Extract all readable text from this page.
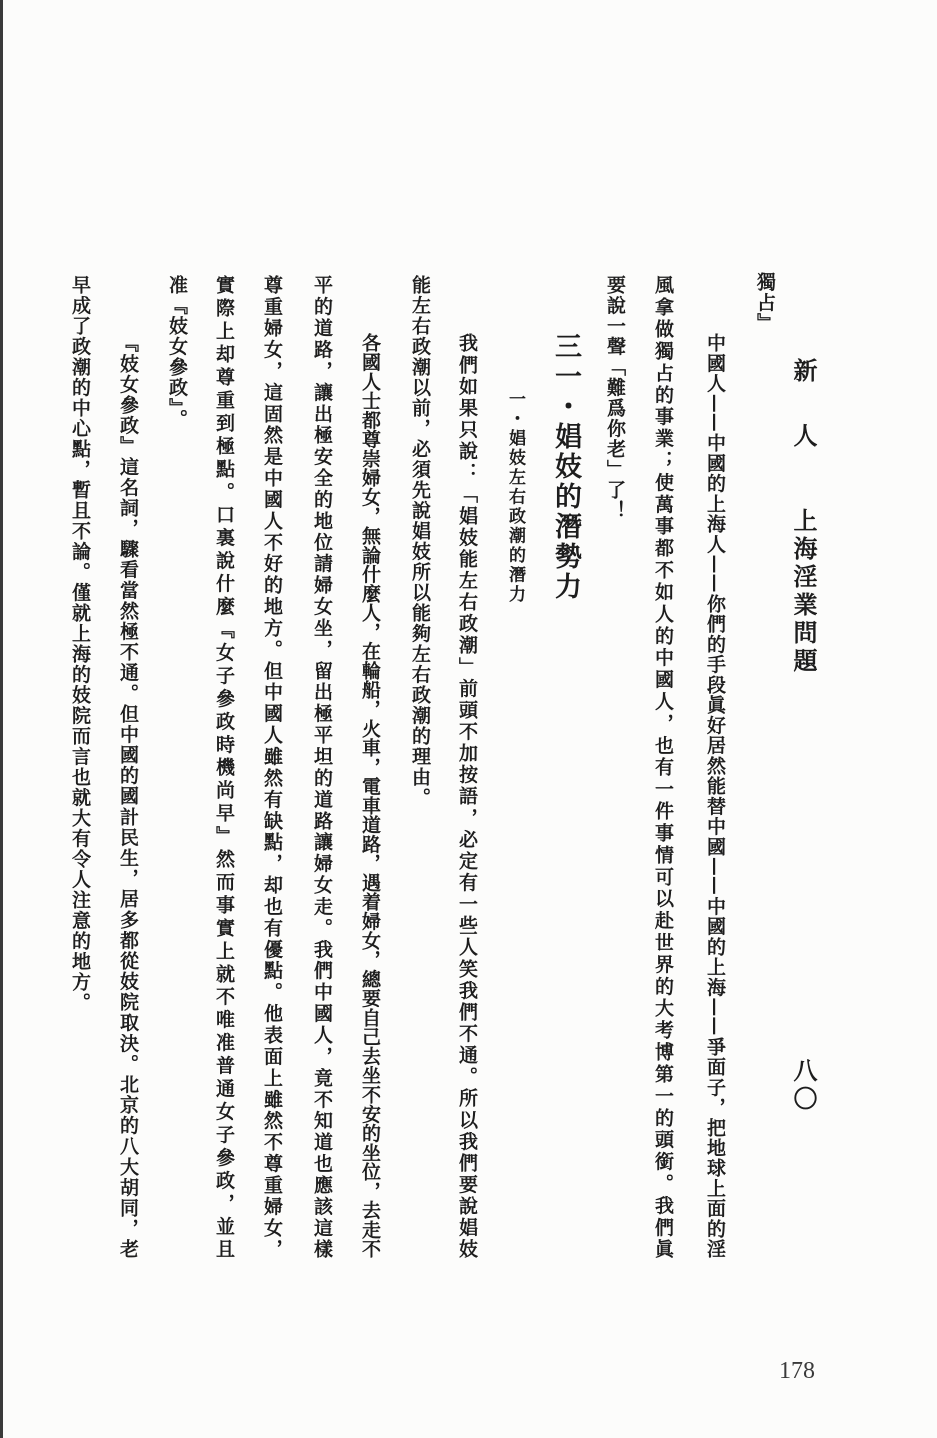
新人
上海淫業問題
八〇
獨占』
中國人——中國的上海人——你們的手段眞好居然能替中國——中國的上海——爭面子，把地球上面的淫
風拿做獨占的事業；使萬事都不如人的中國人，也有一件事情可以赴世界的大考博第一的頭銜。我們眞
要說一聲「難爲你老」了！
三一・娼妓的潛勢力
一・娼妓左右政潮的潛力
我們如果只說：「娼妓能左右政潮」前頭不加按語，必定有一些人笑我們不通。所以我們要說娼妓
能左右政潮以前，必須先說娼妓所以能夠左右政潮的理由。
各國人士都尊崇婦女，無論什麼人，在輪船，火車，電車道路，遇着婦女，總要自己去坐不安的坐位，去走不
平的道路，讓出極安全的地位請婦女坐，留出極平坦的道路讓婦女走。我們中國人，竟不知道也應該這樣
尊重婦女，這固然是中國人不好的地方。但中國人雖然有缺點，却也有優點。他表面上雖然不尊重婦女，
實際上却尊重到極點。口裏說什麼『女子參政時機尚早』然而事實上就不唯准普通女子參政，並且
准『妓女參政』。
『妓女參政』這名詞，驟看當然極不通。但中國的國計民生，居多都從妓院取決。北京的八大胡同，老
早成了政潮的中心點，暫且不論。僅就上海的妓院而言也就大有令人注意的地方。
178
